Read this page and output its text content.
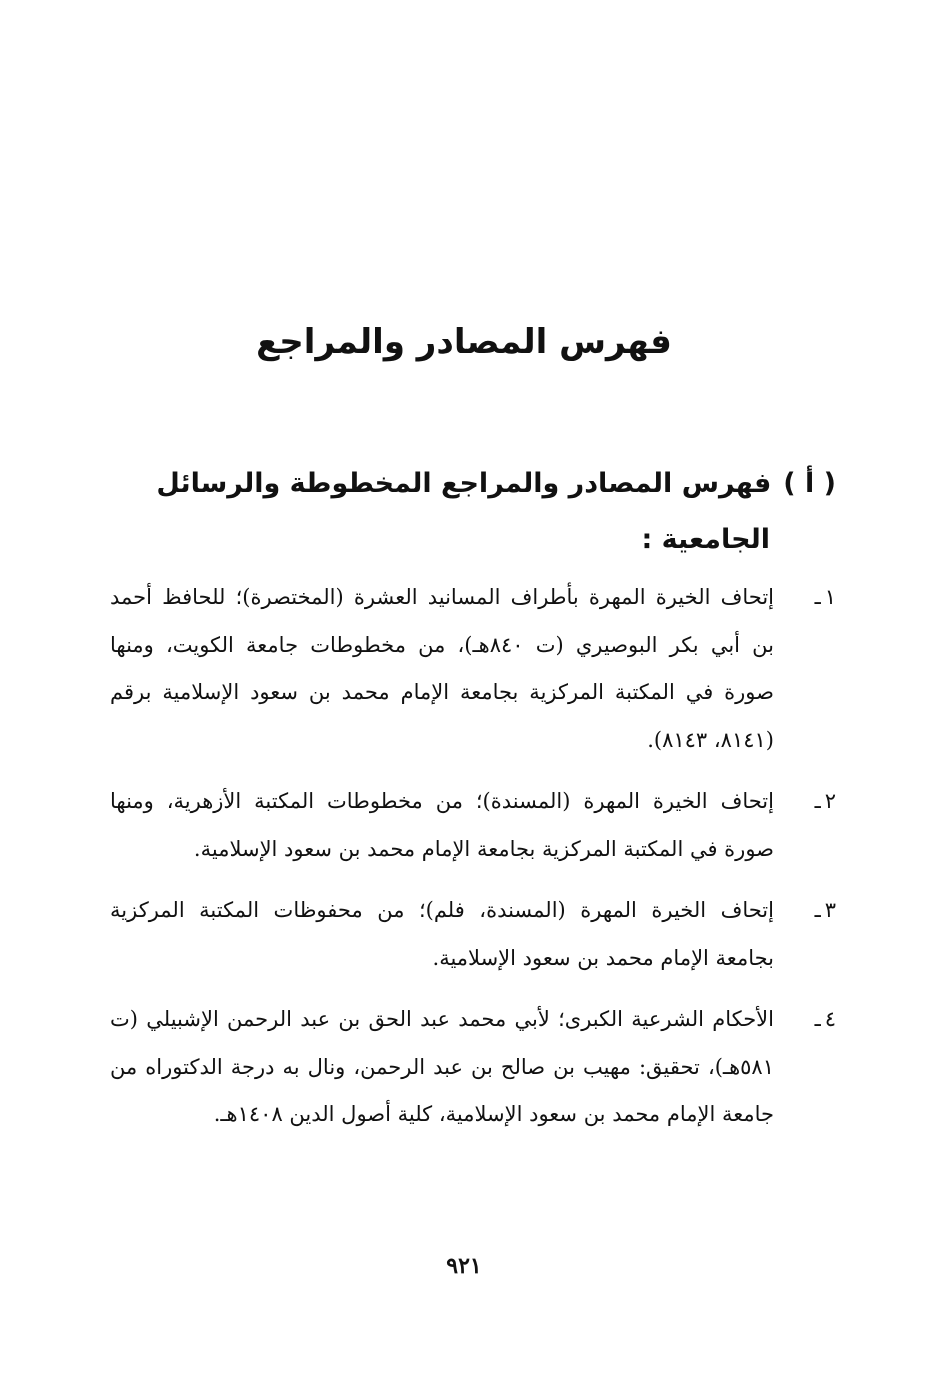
فهرس المصادر والمراجع
( أ )فهرس المصادر والمراجع المخطوطة والرسائل
الجامعية :
١ـ
إتحاف الخيرة المهرة بأطراف المسانيد العشرة (المختصرة)؛ للحافظ أحمد بن أبي بكر البوصيري (ت ٨٤٠هـ)، من مخطوطات جامعة الكويت، ومنها صورة في المكتبة المركزية بجامعة الإمام محمد بن سعود الإسلامية برقم (٨١٤١، ٨١٤٣).
٢ـ
إتحاف الخيرة المهرة (المسندة)؛ من مخطوطات المكتبة الأزهرية، ومنها صورة في المكتبة المركزية بجامعة الإمام محمد بن سعود الإسلامية.
٣ـ
إتحاف الخيرة المهرة (المسندة، فلم)؛ من محفوظات المكتبة المركزية بجامعة الإمام محمد بن سعود الإسلامية.
٤ـ
الأحكام الشرعية الكبرى؛ لأبي محمد عبد الحق بن عبد الرحمن الإشبيلي (ت ٥٨١هـ)، تحقيق: مهيب بن صالح بن عبد الرحمن، ونال به درجة الدكتوراه من جامعة الإمام محمد بن سعود الإسلامية، كلية أصول الدين ١٤٠٨هـ.
٩٢١
